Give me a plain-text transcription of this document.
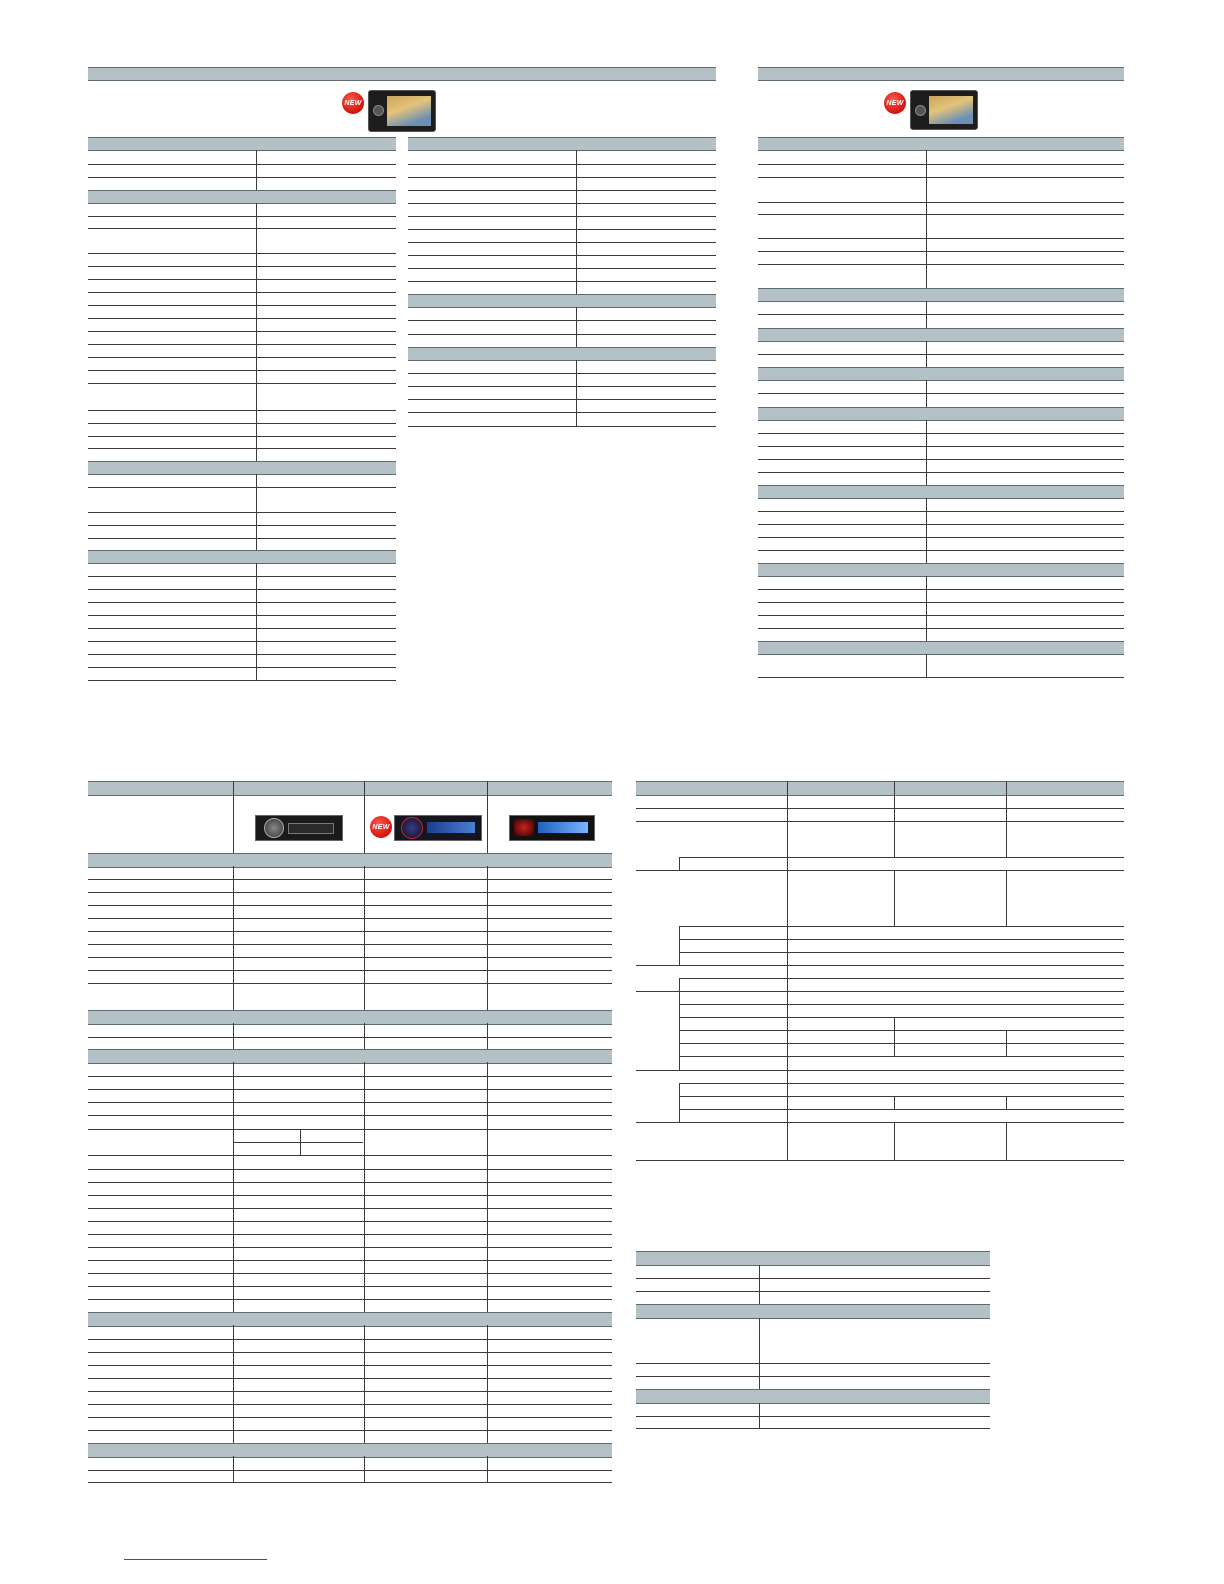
NEW	NEW
NEW
